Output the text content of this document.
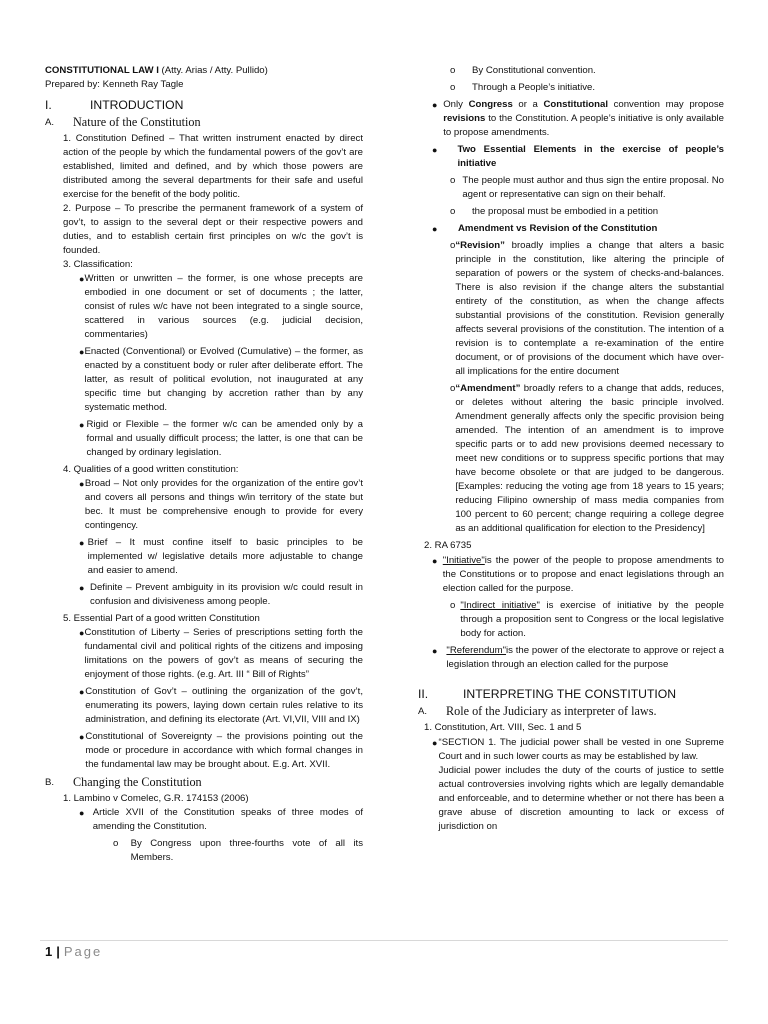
CONSTITUTIONAL LAW I (Atty. Arias / Atty. Pullido)
Prepared by: Kenneth Ray Tagle
I.	INTRODUCTION
A.	Nature of the Constitution
1. Constitution Defined – That written instrument enacted by direct action of the people by which the fundamental powers of the gov’t are established, limited and defined, and by which those powers are distributed among the several departments for their safe and useful exercise for the benefit of the body politic.
2. Purpose – To prescribe the permanent framework of a system of gov’t, to assign to the several dept or their respective powers and duties, and to establish certain first principles on w/c the gov’t is founded.
3. Classification:
● Written or unwritten – the former, is one whose precepts are embodied in one document or set of documents ; the latter, consist of rules w/c have not been integrated to a single source, scattered in various sources (e.g. judicial decision, commentaries)
● Enacted (Conventional) or Evolved (Cumulative) – the former, as enacted by a constituent body or ruler after deliberate effort. The latter, as result of political evolution, not inaugurated at any specific time but changing by accretion rather than by any systematic method.
● Rigid or Flexible – the former w/c can be amended only by a formal and usually difficult process; the latter, is one that can be changed by ordinary legislation.
4. Qualities of a good written constitution:
● Broad – Not only provides for the organization of the entire gov’t and covers all persons and things w/in territory of the state but bec. It must be comprehensive enough to provide for every contingency.
● Brief – It must confine itself to basic principles to be implemented w/ legislative details more adjustable to change and easier to amend.
● Definite – Prevent ambiguity in its provision w/c could result in confusion and divisiveness among people.
5. Essential Part of a good written Constitution
● Constitution of Liberty – Series of prescriptions setting forth the fundamental civil and political rights of the citizens and imposing limitations on the powers of gov’t as means of securing the enjoyment of those rights. (e.g. Art. III “ Bill of Rights”
● Constitution of Gov’t – outlining the organization of the gov’t, enumerating its powers, laying down certain rules relative to its administration, and defining its electorate (Art. VI,VII, VIII and IX)
● Constitutional of Sovereignty – the provisions pointing out the mode or procedure in accordance with which formal changes in the fundamental law may be brought about. E.g. Art. XVII.
B.	Changing the Constitution
1. Lambino v Comelec, G.R. 174153 (2006)
● Article XVII of the Constitution speaks of three modes of amending the Constitution.
o	By Congress upon three-fourths vote of all its Members.
o	By Constitutional convention.
o	Through a People’s initiative.
● Only Congress or a Constitutional convention may propose revisions to the Constitution. A people’s initiative is only available to propose amendments.
●	Two Essential Elements in the exercise of people’s initiative
o The people must author and thus sign the entire proposal. No agent or representative can sign on their behalf.
o	the proposal must be embodied in a petition
●	Amendment vs Revision of the Constitution
o “Revision” broadly implies a change that alters a basic principle in the constitution, like altering the principle of separation of powers or the system of checks-and-balances. There is also revision if the change alters the substantial entirety of the constitution, as when the change affects substantial provisions of the constitution. Revision generally affects several provisions of the constitution. The intention of a revision is to contemplate a re-examination of the entire document, or of provisions of the document which have over-all implications for the entire document
o “Amendment” broadly refers to a change that adds, reduces, or deletes without altering the basic principle involved. Amendment generally affects only the specific provision being amended. The intention of an amendment is to improve specific parts or to add new provisions deemed necessary to meet new conditions or to suppress specific portions that may have become obsolete or that are judged to be dangerous. [Examples: reducing the voting age from 18 years to 15 years; reducing Filipino ownership of mass media companies from 100 percent to 60 percent; change requiring a college degree as an additional qualification for election to the Presidency]
2. RA 6735
● "Initiative"is the power of the people to propose amendments to the Constitutions or to propose and enact legislations through an election called for the purpose.
o "Indirect initiative" is exercise of initiative by the people through a proposition sent to Congress or the local legislative body for action.
● "Referendum"is the power of the electorate to approve or reject a legislation through an election called for the purpose
II.	INTERPRETING THE CONSTITUTION
A.	Role of the Judiciary as interpreter of laws.
1. Constitution, Art. VIII, Sec. 1 and 5
● “SECTION 1. The judicial power shall be vested in one Supreme Court and in such lower courts as may be established by law.
Judicial power includes the duty of the courts of justice to settle actual controversies involving rights which are legally demandable and enforceable, and to determine whether or not there has been a grave abuse of discretion amounting to lack or excess of jurisdiction on
1 | Page
